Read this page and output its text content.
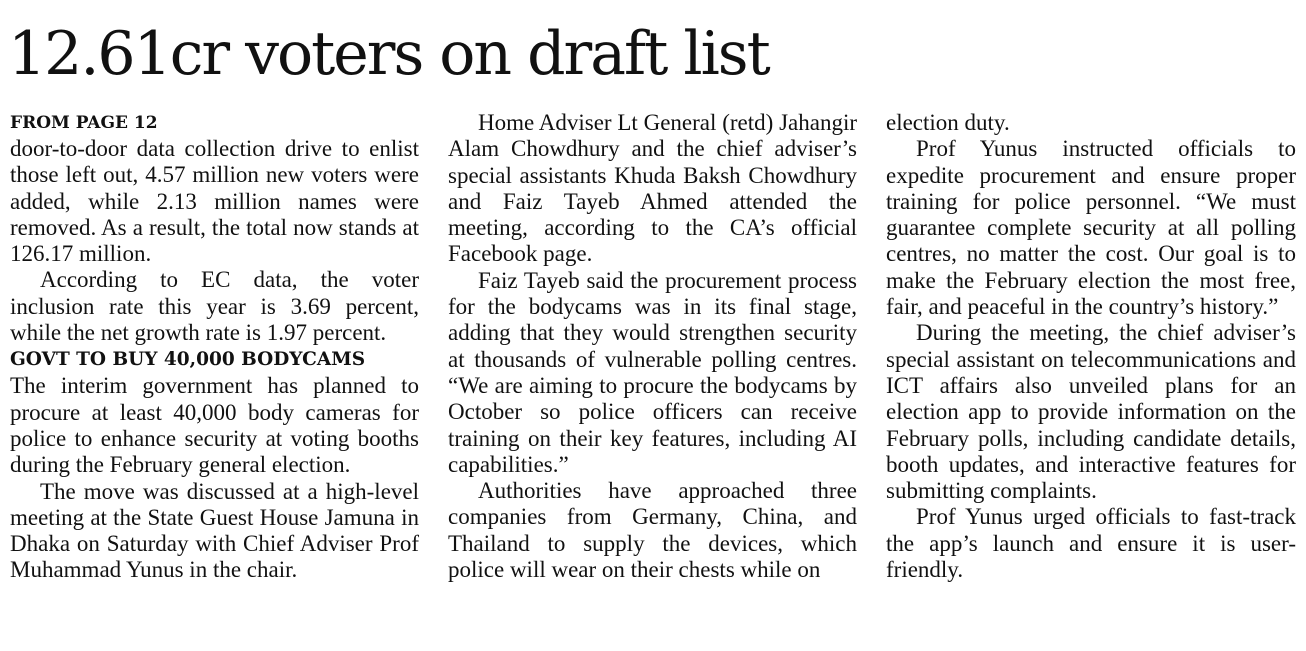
12.61cr voters on draft list
FROM PAGE 12

door-to-door data collection drive to enlist those left out, 4.57 million new voters were added, while 2.13 million names were removed. As a result, the total now stands at 126.17 million.

According to EC data, the voter inclusion rate this year is 3.69 percent, while the net growth rate is 1.97 percent.

GOVT TO BUY 40,000 BODYCAMS

The interim government has planned to procure at least 40,000 body cameras for police to enhance security at voting booths during the February general election.

The move was discussed at a high-level meeting at the State Guest House Jamuna in Dhaka on Saturday with Chief Adviser Prof Muhammad Yunus in the chair.

Home Adviser Lt General (retd) Jahangir Alam Chowdhury and the chief adviser’s special assistants Khuda Baksh Chowdhury and Faiz Tayeb Ahmed attended the meeting, according to the CA’s official Facebook page.

Faiz Tayeb said the procurement process for the bodycams was in its final stage, adding that they would strengthen security at thousands of vulnerable polling centres. “We are aiming to procure the bodycams by October so police officers can receive training on their key features, including AI capabilities.”

Authorities have approached three companies from Germany, China, and Thailand to supply the devices, which police will wear on their chests while on

election duty.

Prof Yunus instructed officials to expedite procurement and ensure proper training for police personnel. “We must guarantee complete security at all polling centres, no matter the cost. Our goal is to make the February election the most free, fair, and peaceful in the country’s history.”

During the meeting, the chief adviser’s special assistant on telecommunications and ICT affairs also unveiled plans for an election app to provide information on the February polls, including candidate details, booth updates, and interactive features for submitting complaints.

Prof Yunus urged officials to fast-track the app’s launch and ensure it is user-friendly.
